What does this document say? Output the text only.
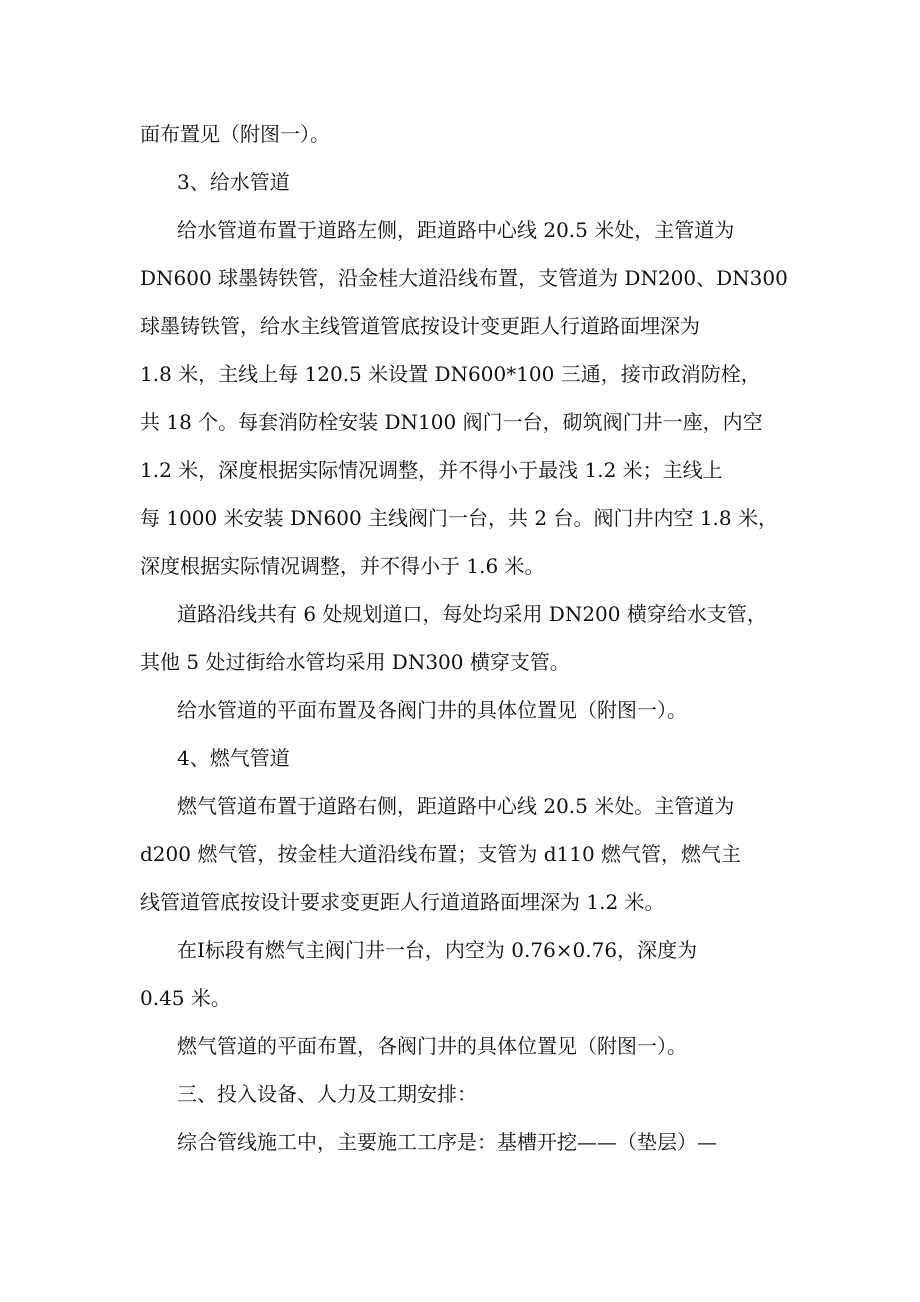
面布置见（附图一）。

3、给水管道

给水管道布置于道路左侧，距道路中心线 20.5 米处，主管道为

DN600 球墨铸铁管，沿金桂大道沿线布置，支管道为 DN200、DN300

球墨铸铁管，给水主线管道管底按设计变更距人行道路面埋深为

1.8 米，主线上每 120.5 米设置 DN600*100 三通，接市政消防栓，

共 18 个。每套消防栓安装 DN100 阀门一台，砌筑阀门井一座，内空

1.2 米，深度根据实际情况调整，并不得小于最浅 1.2 米；主线上

每 1000 米安装 DN600 主线阀门一台，共 2 台。阀门井内空 1.8 米，

深度根据实际情况调整，并不得小于 1.6 米。

道路沿线共有 6 处规划道口，每处均采用 DN200 横穿给水支管，

其他 5 处过街给水管均采用 DN300 横穿支管。

给水管道的平面布置及各阀门井的具体位置见（附图一）。

4、燃气管道

燃气管道布置于道路右侧，距道路中心线 20.5 米处。主管道为

d200 燃气管，按金桂大道沿线布置；支管为 d110 燃气管，燃气主

线管道管底按设计要求变更距人行道道路面埋深为 1.2 米。

在Ⅰ标段有燃气主阀门井一台，内空为 0.76×0.76，深度为

0.45 米。

燃气管道的平面布置，各阀门井的具体位置见（附图一）。

三、投入设备、人力及工期安排：

综合管线施工中，主要施工工序是：基槽开挖——（垫层）—
